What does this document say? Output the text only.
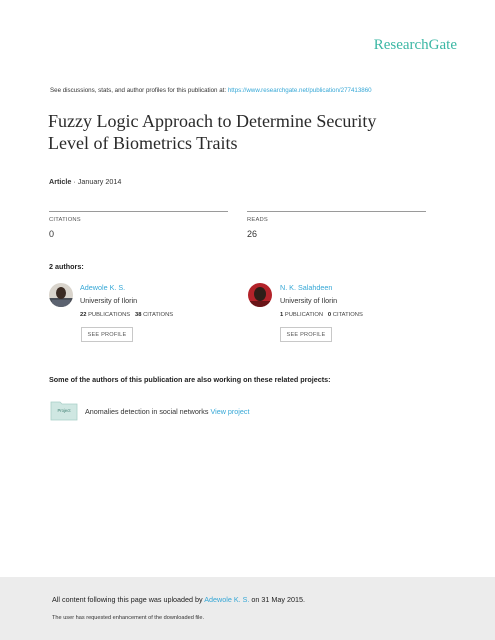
ResearchGate
See discussions, stats, and author profiles for this publication at: https://www.researchgate.net/publication/277413860
Fuzzy Logic Approach to Determine Security
Level of Biometrics Traits
Article · January 2014
CITATIONS
0
READS
26
2 authors:
Adewole K. S.
University of Ilorin
22 PUBLICATIONS 38 CITATIONS
SEE PROFILE
N. K. Salahdeen
University of Ilorin
1 PUBLICATION 0 CITATIONS
SEE PROFILE
Some of the authors of this publication are also working on these related projects:
Project	Anomalies detection in social networks View project
All content following this page was uploaded by Adewole K. S. on 31 May 2015.
The user has requested enhancement of the downloaded file.
